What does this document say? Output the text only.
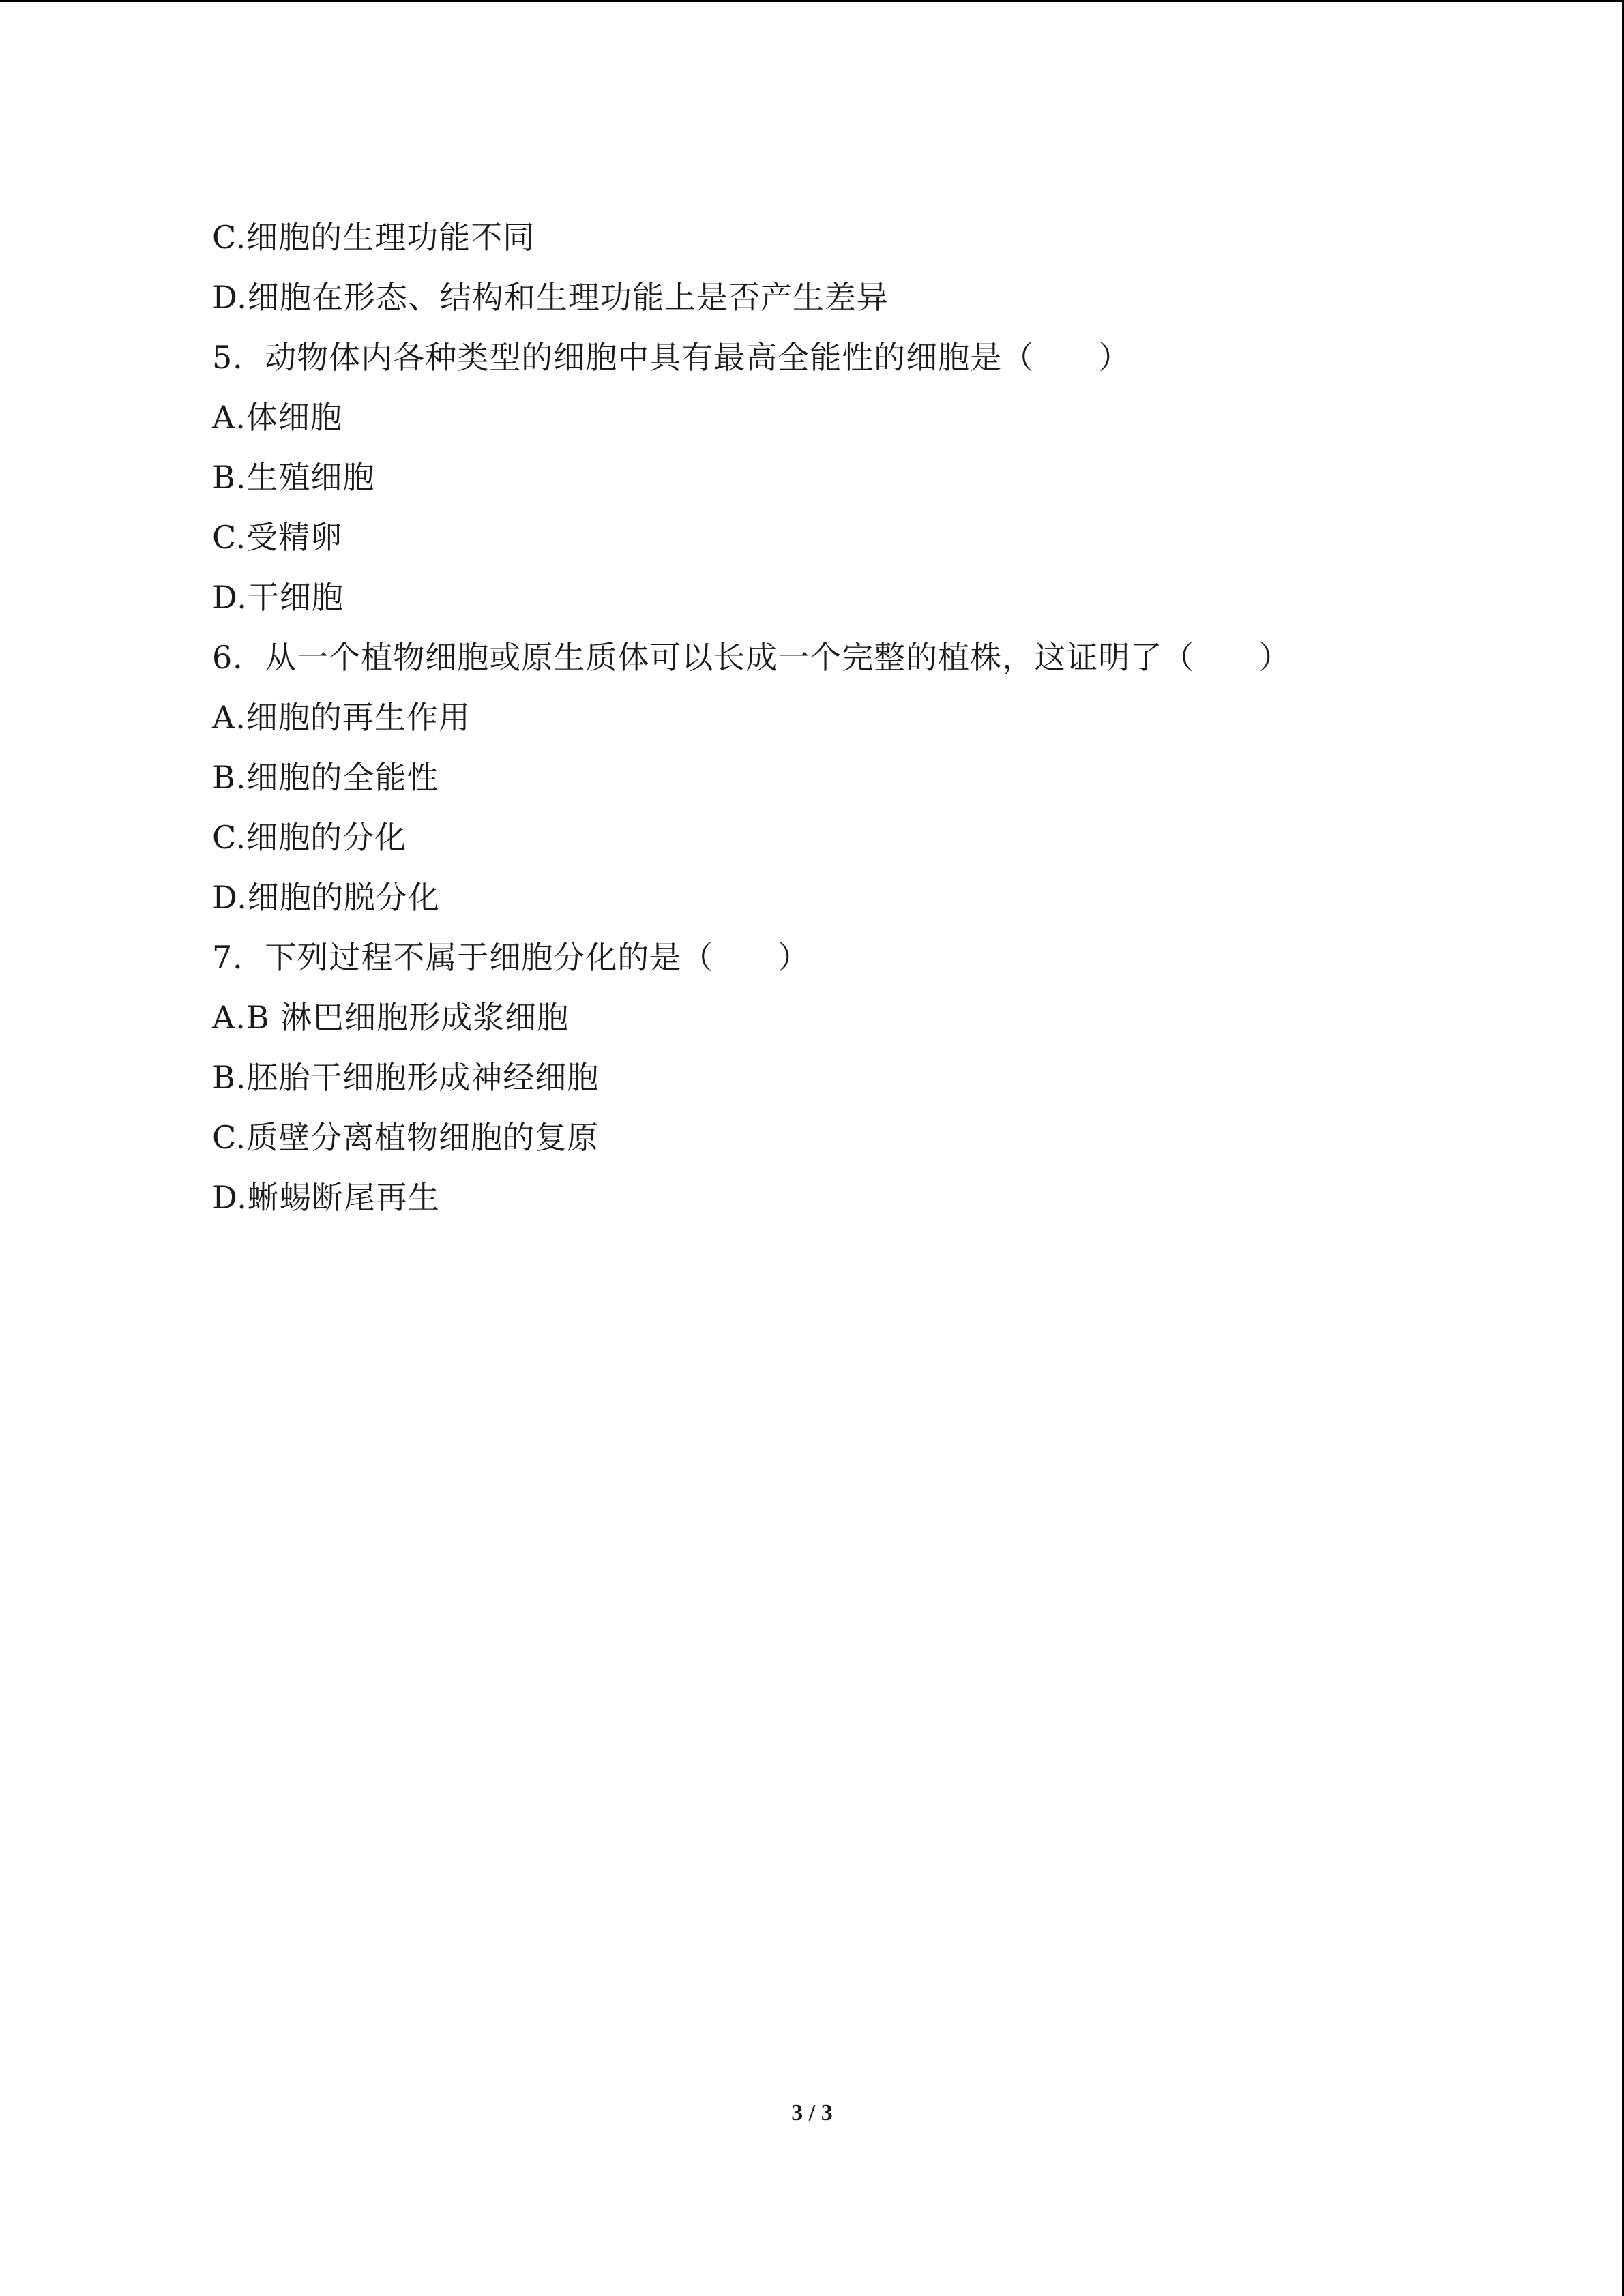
C.细胞的生理功能不同
D.细胞在形态、结构和生理功能上是否产生差异
5．动物体内各种类型的细胞中具有最高全能性的细胞是（　　）
A.体细胞
B.生殖细胞
C.受精卵
D.干细胞
6．从一个植物细胞或原生质体可以长成一个完整的植株，这证明了（　　）
A.细胞的再生作用
B.细胞的全能性
C.细胞的分化
D.细胞的脱分化
7．下列过程不属于细胞分化的是（　　）
A.B 淋巴细胞形成浆细胞
B.胚胎干细胞形成神经细胞
C.质壁分离植物细胞的复原
D.蜥蜴断尾再生
3 / 3
